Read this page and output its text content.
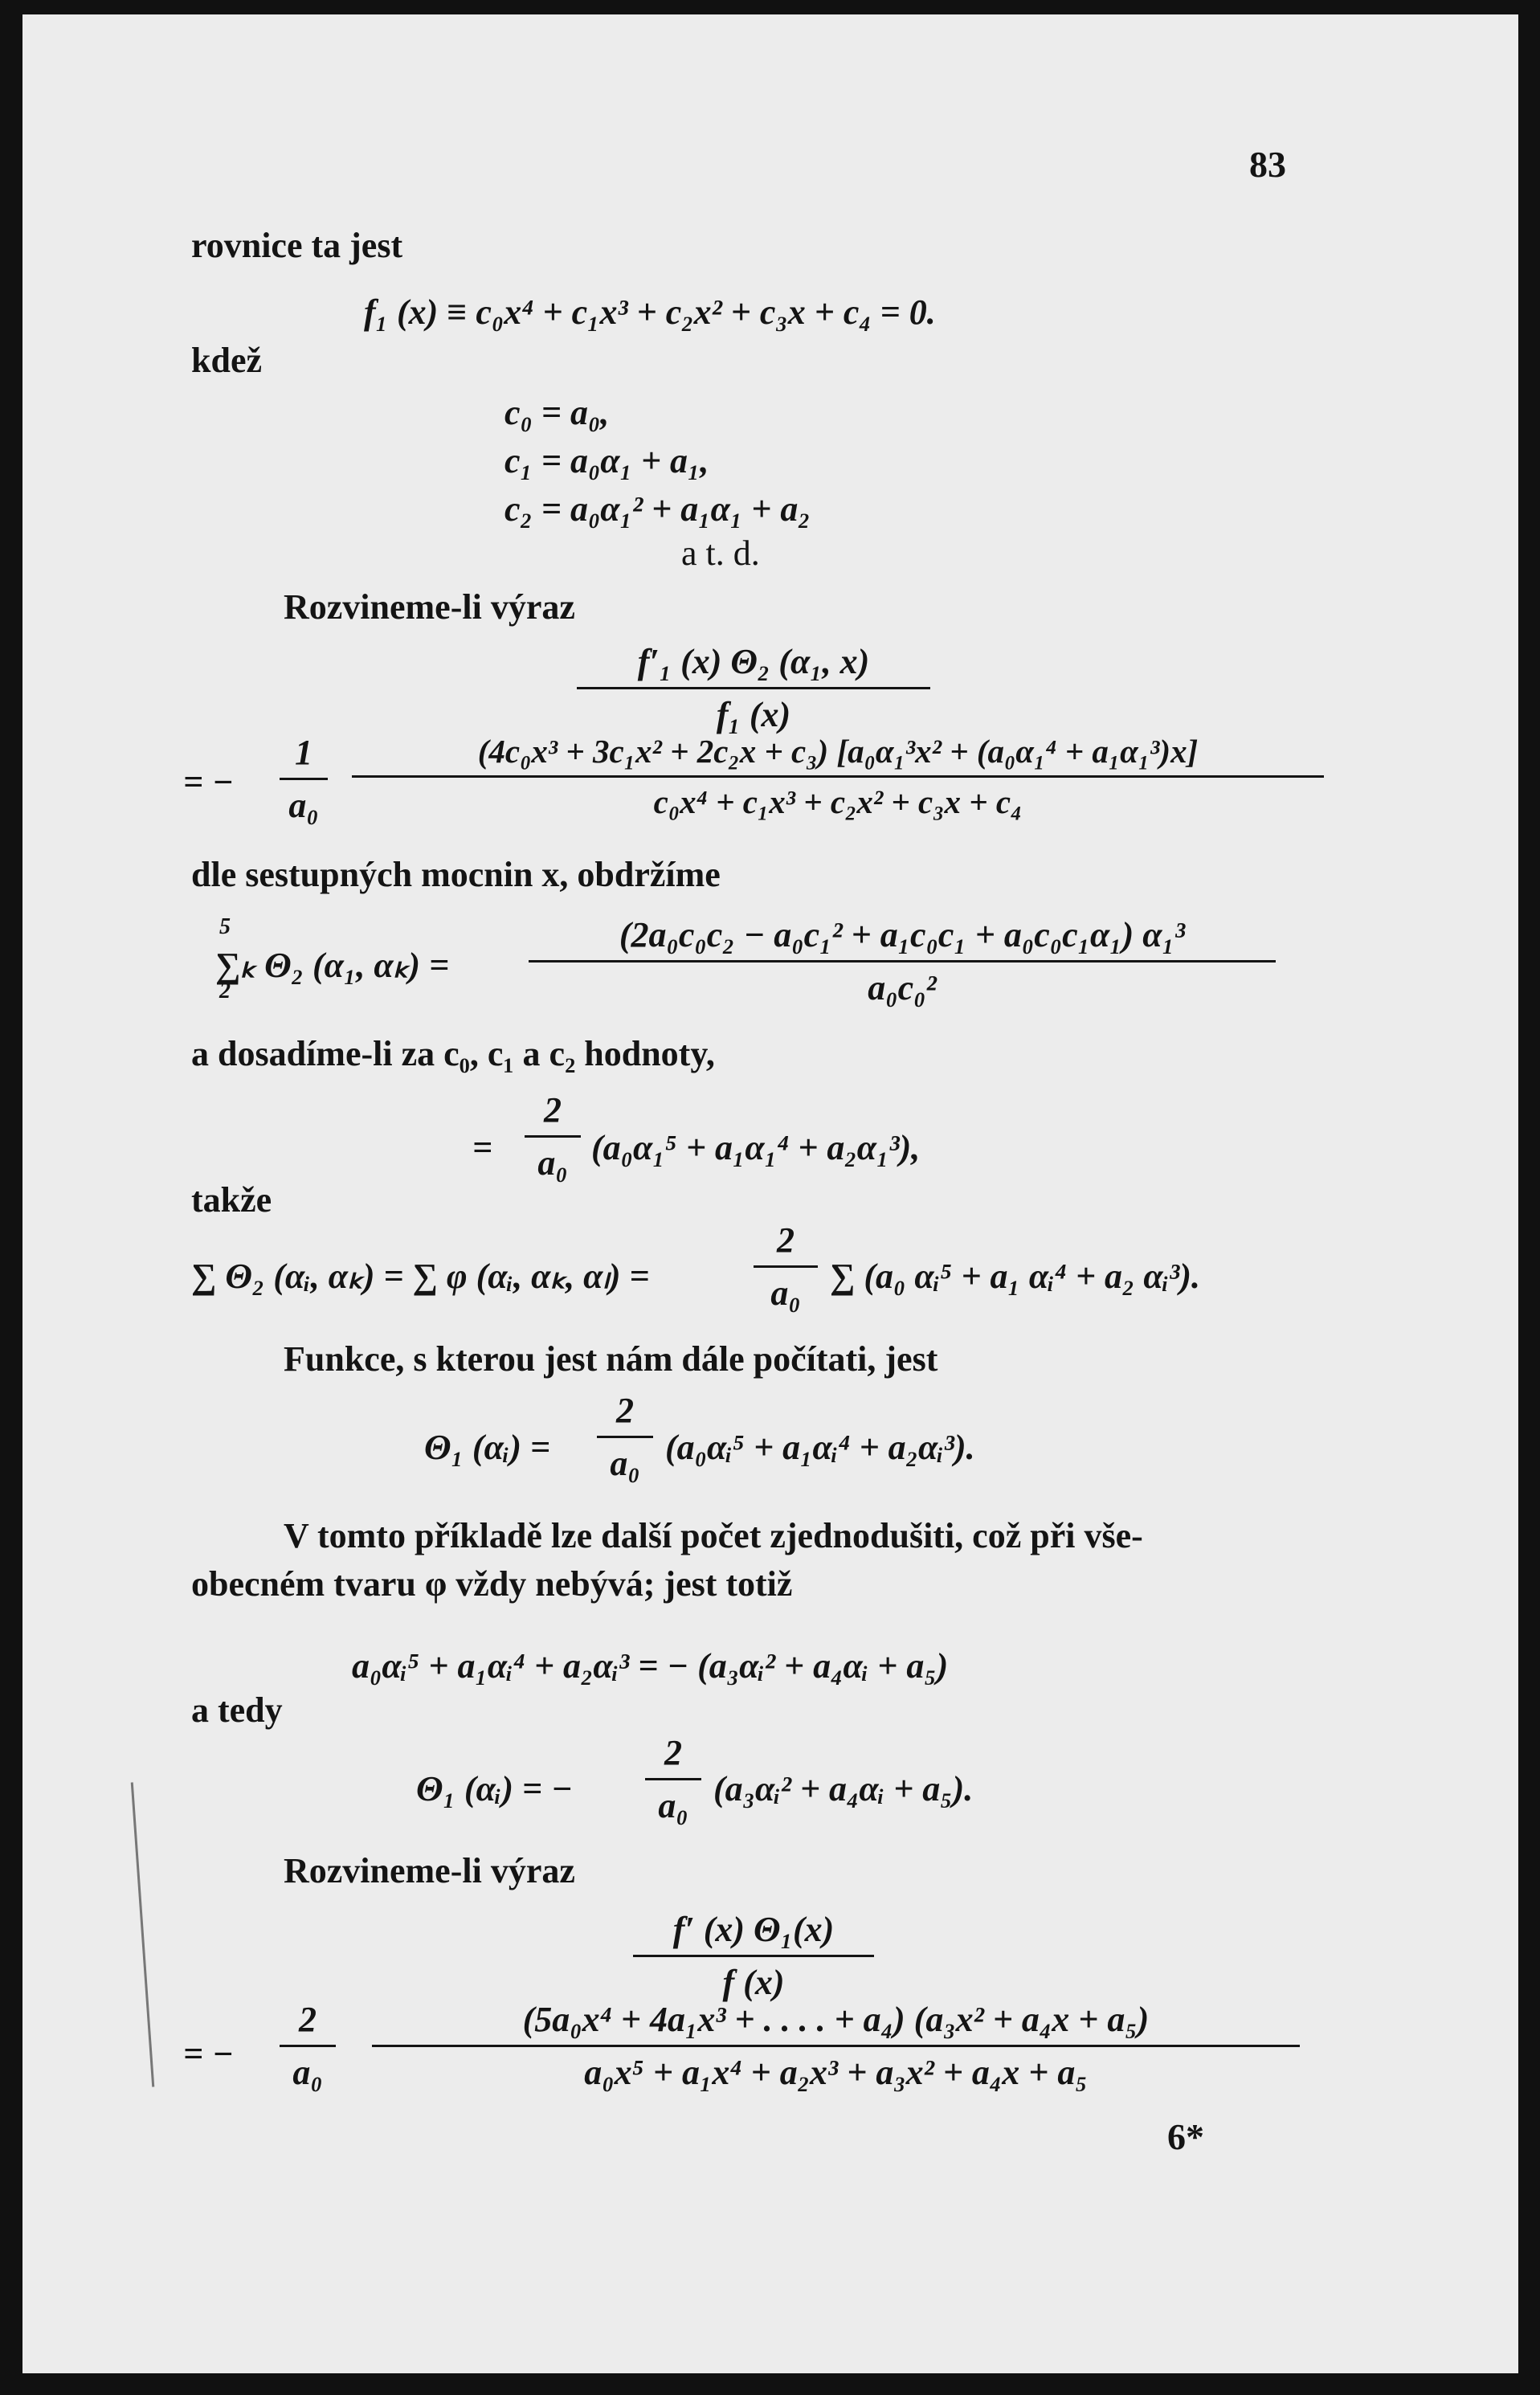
83
rovnice ta jest
f₁ (x) ≡ c₀x⁴ + c₁x³ + c₂x² + c₃x + c₄ = 0.
kdež
c₀ = a₀,
c₁ = a₀α₁ + a₁,
c₂ = a₀α₁² + a₁α₁ + a₂
a t. d.
Rozvineme-li výraz
$\frac{\text{f′₁ (x) Θ₂ (α₁, x)}}{\text{f₁ (x)}}$
= − $\frac{1}{\text{a₀}} \frac{\text{(4c₀x³ + 3c₁x² + 2c₂x + c₃) [a₀α₁³x² + (a₀α₁⁴ + a₁α₁³)x]}}{\text{c₀x⁴ + c₁x³ + c₂x² + c₃x + c₄}}$
dle sestupných mocnin x, obdržíme
5
2
∑ₖ Θ₂ (α₁, $\alpha_k) = \frac{\text{(2a₀c₀c₂ − a₀c₁² + a₁c₀c₁ + a₀c₀c₁α₁) α₁³}}{\text{a₀c₀²}}$
a dosadíme-li za c₀, c₁ a c₂ hodnoty,
= $\frac{2}{\text{a₀}} (a_0\alpha_1^5 + a_1\alpha_1^4 + a_2\alpha_1^3)$,
takže
∑ Θ₂ (αᵢ, αₖ) = ∑ φ (αᵢ, αₖ, αₗ) =	$\frac{2}{\text{a₀}}$ ∑ (a₀ αᵢ⁵ + a₁ αᵢ⁴ + a₂ αᵢ³).
Funkce, s kterou jest nám dále počítati, jest
Θ₁ (αᵢ) = $\frac{2}{\text{a₀}}$ (a₀αᵢ⁵ + a₁αᵢ⁴ + a₂αᵢ³).
V tomto příkladě lze další počet zjednodušiti, což při vše-
obecném tvaru φ vždy nebývá; jest totiž
a₀αᵢ⁵ + a₁αᵢ⁴ + a₂αᵢ³ = − (a₃αᵢ² + a₄αᵢ + a₅)
a tedy
Θ₁ (αᵢ) = − $\frac{2}{\text{a₀}}$ (a₃αᵢ² + a₄αᵢ + a₅).
Rozvineme-li výraz
$\frac{\text{f′ (x) Θ₁(x)}}{f (x)}$
= − $\frac{2}{\text{a₀}} \frac{\text{(5a₀x⁴ + 4a₁x³ + . . . . + a₄) (a₃x² + a₄x + a₅)}}{\text{a₀x⁵ + a₁x⁴ + a₂x³ + a₃x² + a₄x + a₅}}$
6*
